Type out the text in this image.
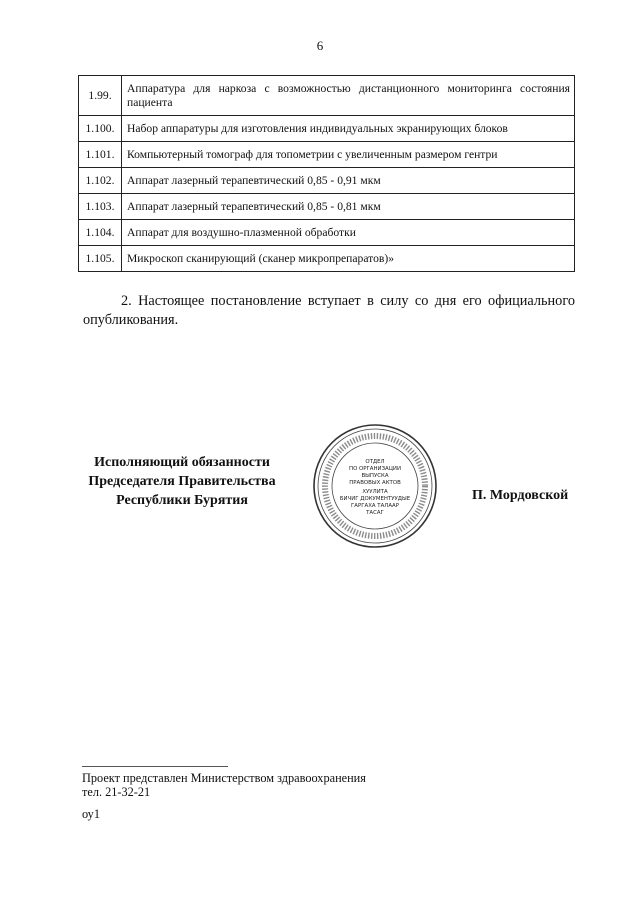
6
1.99.	Аппаратура для наркоза с возможностью дистанционного мониторинга состояния пациента
1.100.	Набор аппаратуры для изготовления индивидуальных экранирующих блоков
1.101.	Компьютерный томограф для топометрии с увеличенным размером гентри
1.102.	Аппарат лазерный терапевтический 0,85 - 0,91 мкм
1.103.	Аппарат лазерный терапевтический 0,85 - 0,81 мкм
1.104.	Аппарат для воздушно-плазменной обработки
1.105.	Микроскоп сканирующий (сканер микропрепаратов)»
2. Настоящее постановление вступает в силу со дня его официального опубликования.
Исполняющий обязанности
Председателя Правительства
Республики Бурятия
ОТДЕЛ
ПО ОРГАНИЗАЦИИ
ВЫПУСКА
ПРАВОВЫХ АКТОВ
ХУУЛИТА
БИЧИГ ДОКУМЕНТУУДЫЕ
ГАРГАХА ТАЛААР
ТАСАГ
П. Мордовской
Проект представлен Министерством здравоохранения
тел. 21-32-21
оу1
